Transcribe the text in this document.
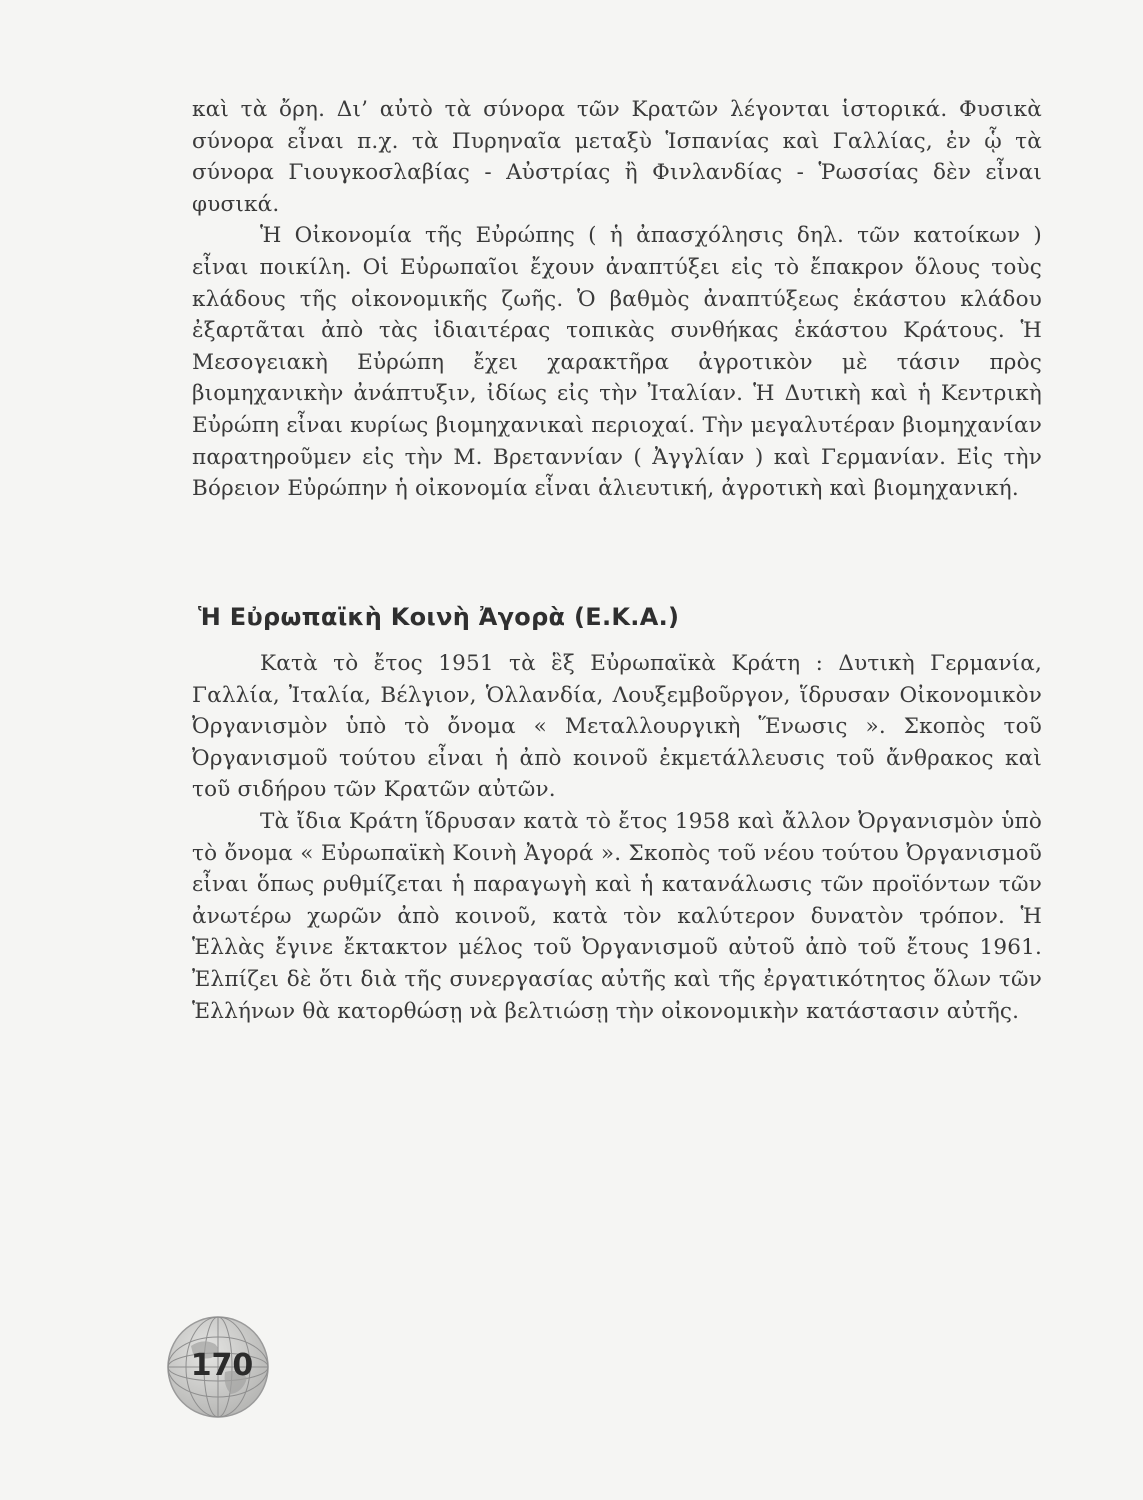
καὶ τὰ ὄρη. Δι’ αὐτὸ τὰ σύνορα τῶν Κρατῶν λέγονται ἱστορικά. Φυσικὰ σύνορα εἶναι π.χ. τὰ Πυρηναῖα μεταξὺ Ἱσπανίας καὶ Γαλλίας, ἐν ᾧ τὰ σύνορα Γιουγκοσλαβίας - Αὐστρίας ἢ Φινλανδίας - Ῥωσσίας δὲν εἶναι φυσικά.

Ἡ Οἰκονομία τῆς Εὐρώπης ( ἡ ἀπασχόλησις δηλ. τῶν κατοίκων ) εἶναι ποικίλη. Οἱ Εὐρωπαῖοι ἔχουν ἀναπτύξει εἰς τὸ ἔπακρον ὅλους τοὺς κλάδους τῆς οἰκονομικῆς ζωῆς. Ὁ βαθμὸς ἀναπτύξεως ἑκάστου κλάδου ἐξαρτᾶται ἀπὸ τὰς ἰδιαιτέρας τοπικὰς συνθήκας ἑκάστου Κράτους. Ἡ Μεσογειακὴ Εὐρώπη ἔχει χαρακτῆρα ἀγροτικὸν μὲ τάσιν πρὸς βιομηχανικὴν ἀνάπτυξιν, ἰδίως εἰς τὴν Ἰταλίαν. Ἡ Δυτικὴ καὶ ἡ Κεντρικὴ Εὐρώπη εἶναι κυρίως βιομηχανικαὶ περιοχαί. Τὴν μεγαλυτέραν βιομηχανίαν παρατηροῦμεν εἰς τὴν Μ. Βρεταννίαν ( Ἀγγλίαν ) καὶ Γερμανίαν. Εἰς τὴν Βόρειον Εὐρώπην ἡ οἰκονομία εἶναι ἁλιευτική, ἀγροτικὴ καὶ βιομηχανική.

Ἡ Εὐρωπαϊκὴ Κοινὴ Ἀγορὰ (Ε.Κ.Α.)

Κατὰ τὸ ἔτος 1951 τὰ ἓξ Εὐρωπαϊκὰ Κράτη : Δυτικὴ Γερμανία, Γαλλία, Ἰταλία, Βέλγιον, Ὁλλανδία, Λουξεμβοῦργον, ἵδρυσαν Οἰκονομικὸν Ὀργανισμὸν ὑπὸ τὸ ὄνομα « Μεταλλουργικὴ Ἕνωσις ». Σκοπὸς τοῦ Ὀργανισμοῦ τούτου εἶναι ἡ ἀπὸ κοινοῦ ἐκμετάλλευσις τοῦ ἄνθρακος καὶ τοῦ σιδήρου τῶν Κρατῶν αὐτῶν.

Τὰ ἴδια Κράτη ἵδρυσαν κατὰ τὸ ἔτος 1958 καὶ ἄλλον Ὀργανισμὸν ὑπὸ τὸ ὄνομα « Εὐρωπαϊκὴ Κοινὴ Ἀγορά ». Σκοπὸς τοῦ νέου τούτου Ὀργανισμοῦ εἶναι ὅπως ρυθμίζεται ἡ παραγωγὴ καὶ ἡ κατανάλωσις τῶν προϊόντων τῶν ἀνωτέρω χωρῶν ἀπὸ κοινοῦ, κατὰ τὸν καλύτερον δυνατὸν τρόπον. Ἡ Ἑλλὰς ἔγινε ἔκτακτον μέλος τοῦ Ὀργανισμοῦ αὐτοῦ ἀπὸ τοῦ ἔτους 1961. Ἐλπίζει δὲ ὅτι διὰ τῆς συνεργασίας αὐτῆς καὶ τῆς ἐργατικότητος ὅλων τῶν Ἑλλήνων θὰ κατορθώσῃ νὰ βελτιώσῃ τὴν οἰκονομικὴν κατάστασιν αὐτῆς.

170
